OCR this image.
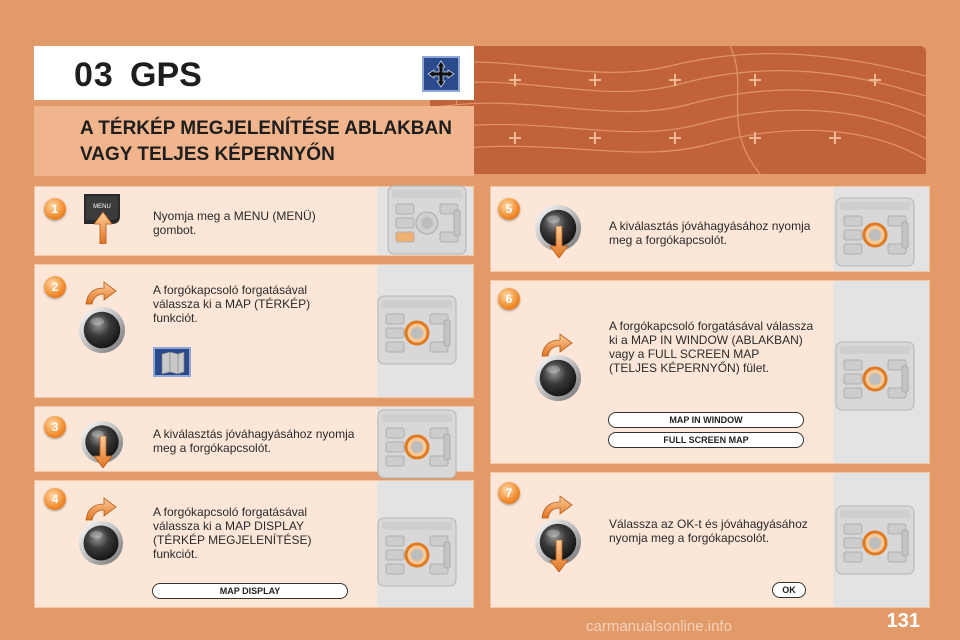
03 GPS
A TÉRKÉP MEGJELENÍTÉSE ABLAKBAN
VAGY TELJES KÉPERNYŐN
Nyomja meg a MENU (MENÜ)
gombot.
1	MENU
A forgókapcsoló forgatásával
válassza ki a MAP (TÉRKÉP)
funkciót.
2
A kiválasztás jóváhagyásához nyomja
meg a forgókapcsolót.
3
A forgókapcsoló forgatásával
válassza ki a MAP DISPLAY
(TÉRKÉP MEGJELENÍTÉSE)
funkciót.
4
MAP DISPLAY
A kiválasztás jóváhagyásához nyomja
meg a forgókapcsolót.
5
A forgókapcsoló forgatásával válassza
ki a MAP IN WINDOW (ABLAKBAN)
vagy a FULL SCREEN MAP
(TELJES KÉPERNYŐN) fület.
6
MAP IN WINDOW
FULL SCREEN MAP
Válassza az OK-t és jóváhagyásához
nyomja meg a forgókapcsolót.
7
OK
131
carmanualsonline.info
